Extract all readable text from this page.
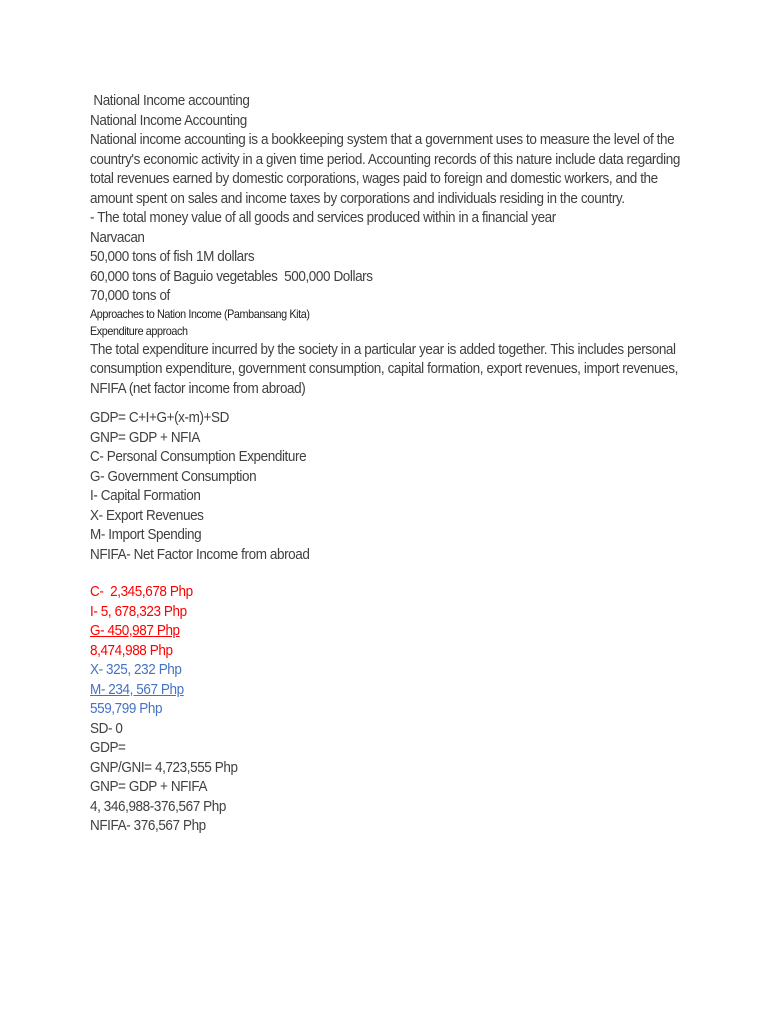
National Income accounting
National Income Accounting
National income accounting is a bookkeeping system that a government uses to measure the level of the country's economic activity in a given time period. Accounting records of this nature include data regarding total revenues earned by domestic corporations, wages paid to foreign and domestic workers, and the amount spent on sales and income taxes by corporations and individuals residing in the country.
- The total money value of all goods and services produced within in a financial year
Narvacan
50,000 tons of fish 1M dollars
60,000 tons of Baguio vegetables  500,000 Dollars
70,000 tons of
Approaches to Nation Income (Pambansang Kita)
Expenditure approach
The total expenditure incurred by the society in a particular year is added together. This includes personal consumption expenditure, government consumption, capital formation, export revenues, import revenues, NFIFA (net factor income from abroad)
GDP= C+I+G+(x-m)+SD
GNP= GDP + NFIA
C- Personal Consumption Expenditure
G- Government Consumption
I- Capital Formation
X- Export Revenues
M- Import Spending
NFIFA- Net Factor Income from abroad
C-  2,345,678 Php
I- 5, 678,323 Php
G- 450,987 Php
8,474,988 Php
X- 325, 232 Php
M- 234, 567 Php
559,799 Php
SD- 0
GDP=
GNP/GNI= 4,723,555 Php
GNP= GDP + NFIFA
4, 346,988-376,567 Php
NFIFA- 376,567 Php
